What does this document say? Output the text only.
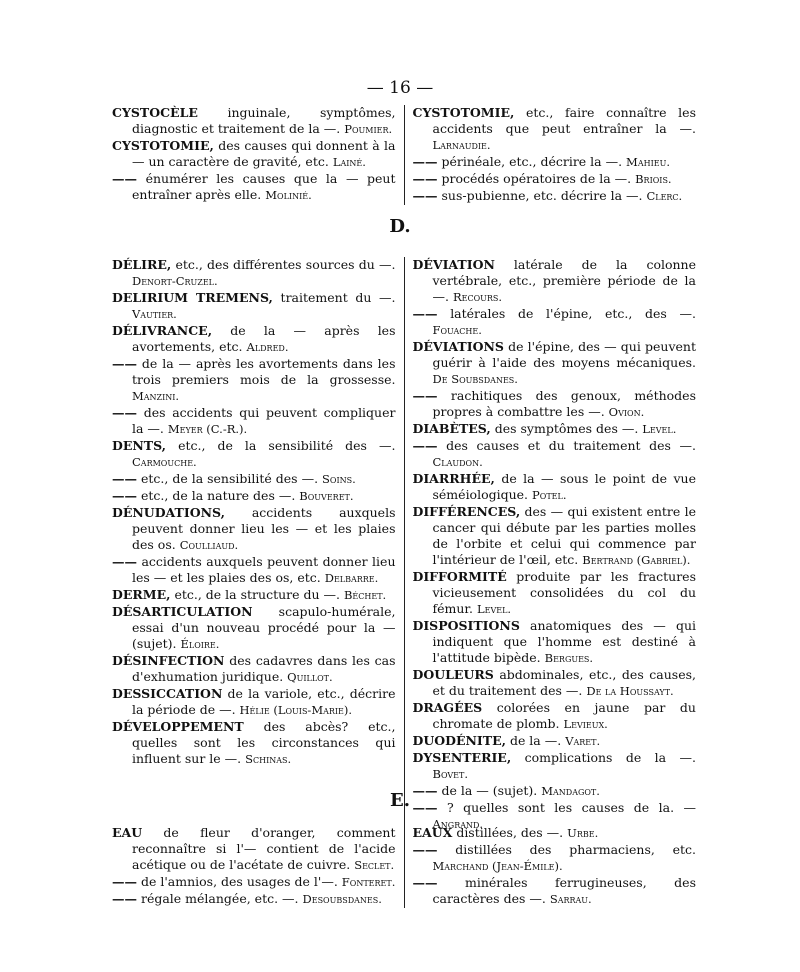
— 16 —
CYSTOCÈLE inguinale, symptômes, diagnostic et traitement de la —. Poumier.
CYSTOTOMIE, des causes qui donnent à la — un caractère de gravité, etc. Lainé.
—— énumérer les causes que la — peut entraîner après elle. Molinié.
CYSTOTOMIE, etc., faire connaître les accidents que peut entraîner la —. Larnaudie.
—— périnéale, etc., décrire la —. Mahieu.
—— procédés opératoires de la —. Briois.
—— sus-pubienne, etc. décrire la —. Clerc.
D.
DÉLIRE, etc., des différentes sources du —. Denort-Cruzel.
DELIRIUM TREMENS, traitement du —. Vautier.
DÉLIVRANCE, de la — après les avortements, etc. Aldred.
—— de la — après les avortements dans les trois premiers mois de la grossesse. Manzini.
—— des accidents qui peuvent compliquer la —. Meyer (C.-R.).
DENTS, etc., de la sensibilité des —. Carmouche.
—— etc., de la sensibilité des —. Soins.
—— etc., de la nature des —. Bouveret.
DÉNUDATIONS, accidents auxquels peuvent donner lieu les — et les plaies des os. Coulliaud.
—— accidents auxquels peuvent donner lieu les — et les plaies des os, etc. Delbarre.
DERME, etc., de la structure du —. Béchet.
DÉSARTICULATION scapulo-humérale, essai d'un nouveau procédé pour la — (sujet). Éloire.
DÉSINFECTION des cadavres dans les cas d'exhumation juridique. Quillot.
DESSICCATION de la variole, etc., décrire la période de —. Hélie (Louis-Marie).
DÉVELOPPEMENT des abcès? etc., quelles sont les circonstances qui influent sur le —. Schinas.
DÉVIATION latérale de la colonne vertébrale, etc., première période de la —. Recours.
—— latérales de l'épine, etc., des —. Fouache.
DÉVIATIONS de l'épine, des — qui peuvent guérir à l'aide des moyens mécaniques. De Soubsdanes.
—— rachitiques des genoux, méthodes propres à combattre les —. Ovion.
DIABÈTES, des symptômes des —. Level.
—— des causes et du traitement des —. Claudon.
DIARRHÉE, de la — sous le point de vue séméiologique. Potel.
DIFFÉRENCES, des — qui existent entre le cancer qui débute par les parties molles de l'orbite et celui qui commence par l'intérieur de l'œil, etc. Bertrand (Gabriel).
DIFFORMITÉ produite par les fractures vicieusement consolidées du col du fémur. Level.
DISPOSITIONS anatomiques des — qui indiquent que l'homme est destiné à l'attitude bipède. Bergues.
DOULEURS abdominales, etc., des causes, et du traitement des —. De la Houssayt.
DRAGÉES colorées en jaune par du chromate de plomb. Levieux.
DUODÉNITE, de la —. Varet.
DYSENTERIE, complications de la —. Bovet.
—— de la — (sujet). Mandagot.
—— ? quelles sont les causes de la. — Angrand.
E.
EAU de fleur d'oranger, comment reconnaître si l'— contient de l'acide acétique ou de l'acétate de cuivre. Seclet.
—— de l'amnios, des usages de l'—. Fonteret.
—— régale mélangée, etc. —. Desoubsdanes.
EAUX distillées, des —. Urbe.
—— distillées des pharmaciens, etc. Marchand (Jean-Émile).
—— minérales ferrugineuses, des caractères des —. Sarrau.
